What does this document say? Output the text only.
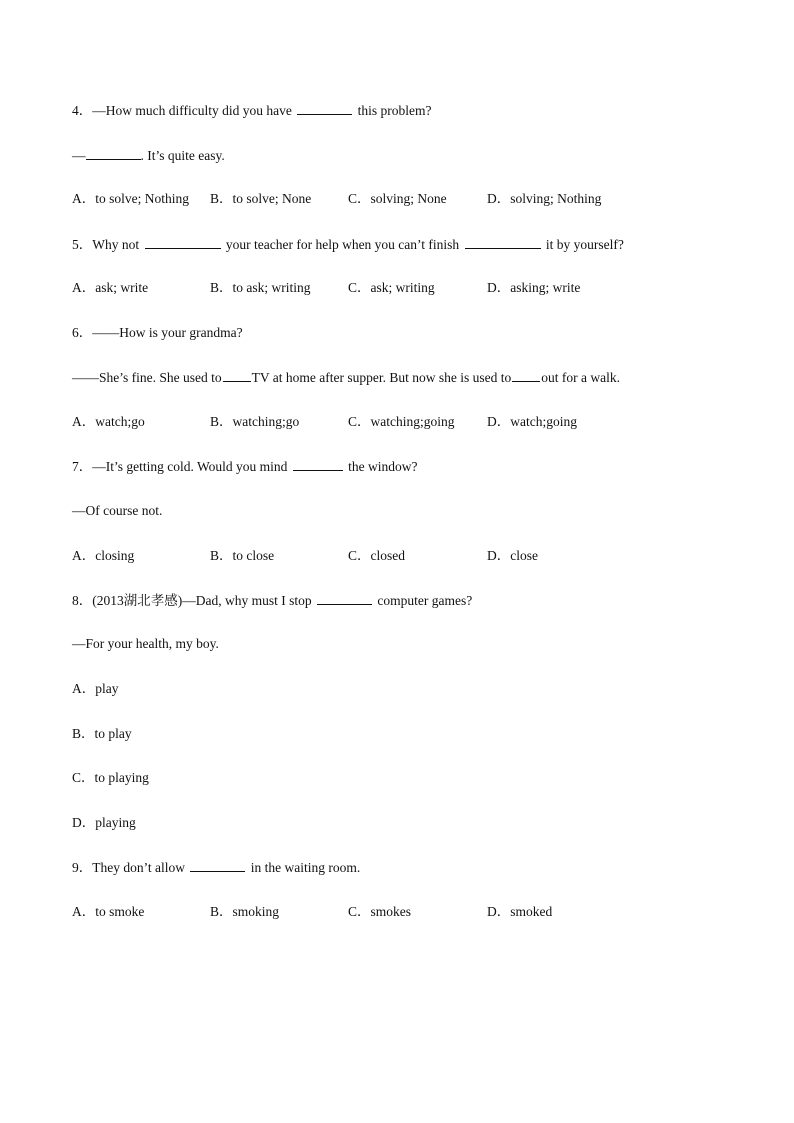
4．—How much difficulty did you have	this problem?
—	. It’s quite easy.
A．to solve; Nothing B．to solve; None	C．solving; None	D．solving; Nothing
5．Why not	your teacher for help when you can’t finish	it by yourself?
A．ask; write	B．to ask; writing	C．ask; writing	D．asking; write
6．——How is your grandma?
——She’s fine. She used to TV at home after supper. But now she is used to out for a walk.
A．watch;go	B．watching;go	C．watching;going D．watch;going
7．—It’s getting cold. Would you mind	the window?
—Of course not.
A．closing	B．to close	C．closed	D．close
8．(2013湖北孝感)—Dad, why must I stop	computer games?
—For your health, my boy.
A．play
B．to play
C．to playing
D．playing
9．They don’t allow	in the waiting room.
A．to smoke	B．smoking	C．smokes	D．smoked
